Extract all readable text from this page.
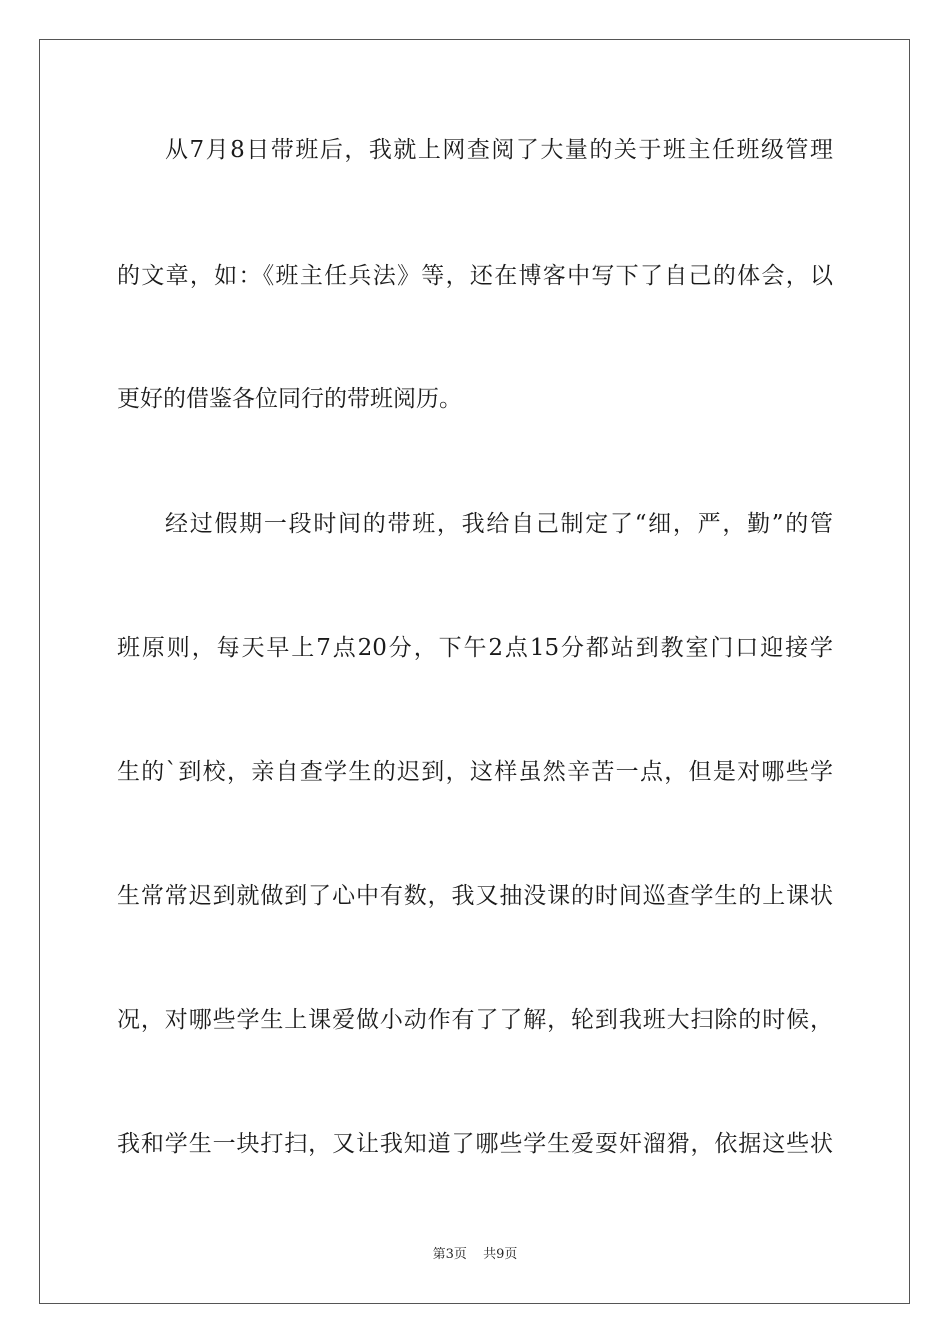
从7月8日带班后，我就上网查阅了大量的关于班主任班级管理
的文章，如：《班主任兵法》等，还在博客中写下了自己的体会，以
更好的借鉴各位同行的带班阅历。
经过假期一段时间的带班，我给自己制定了“细，严，勤”的管
班原则，每天早上7点20分，下午2点15分都站到教室门口迎接学
生的`到校，亲自查学生的迟到，这样虽然辛苦一点，但是对哪些学
生常常迟到就做到了心中有数，我又抽没课的时间巡查学生的上课状
况，对哪些学生上课爱做小动作有了了解，轮到我班大扫除的时候，
我和学生一块打扫，又让我知道了哪些学生爱耍奸溜猾，依据这些状
第3页 共9页
